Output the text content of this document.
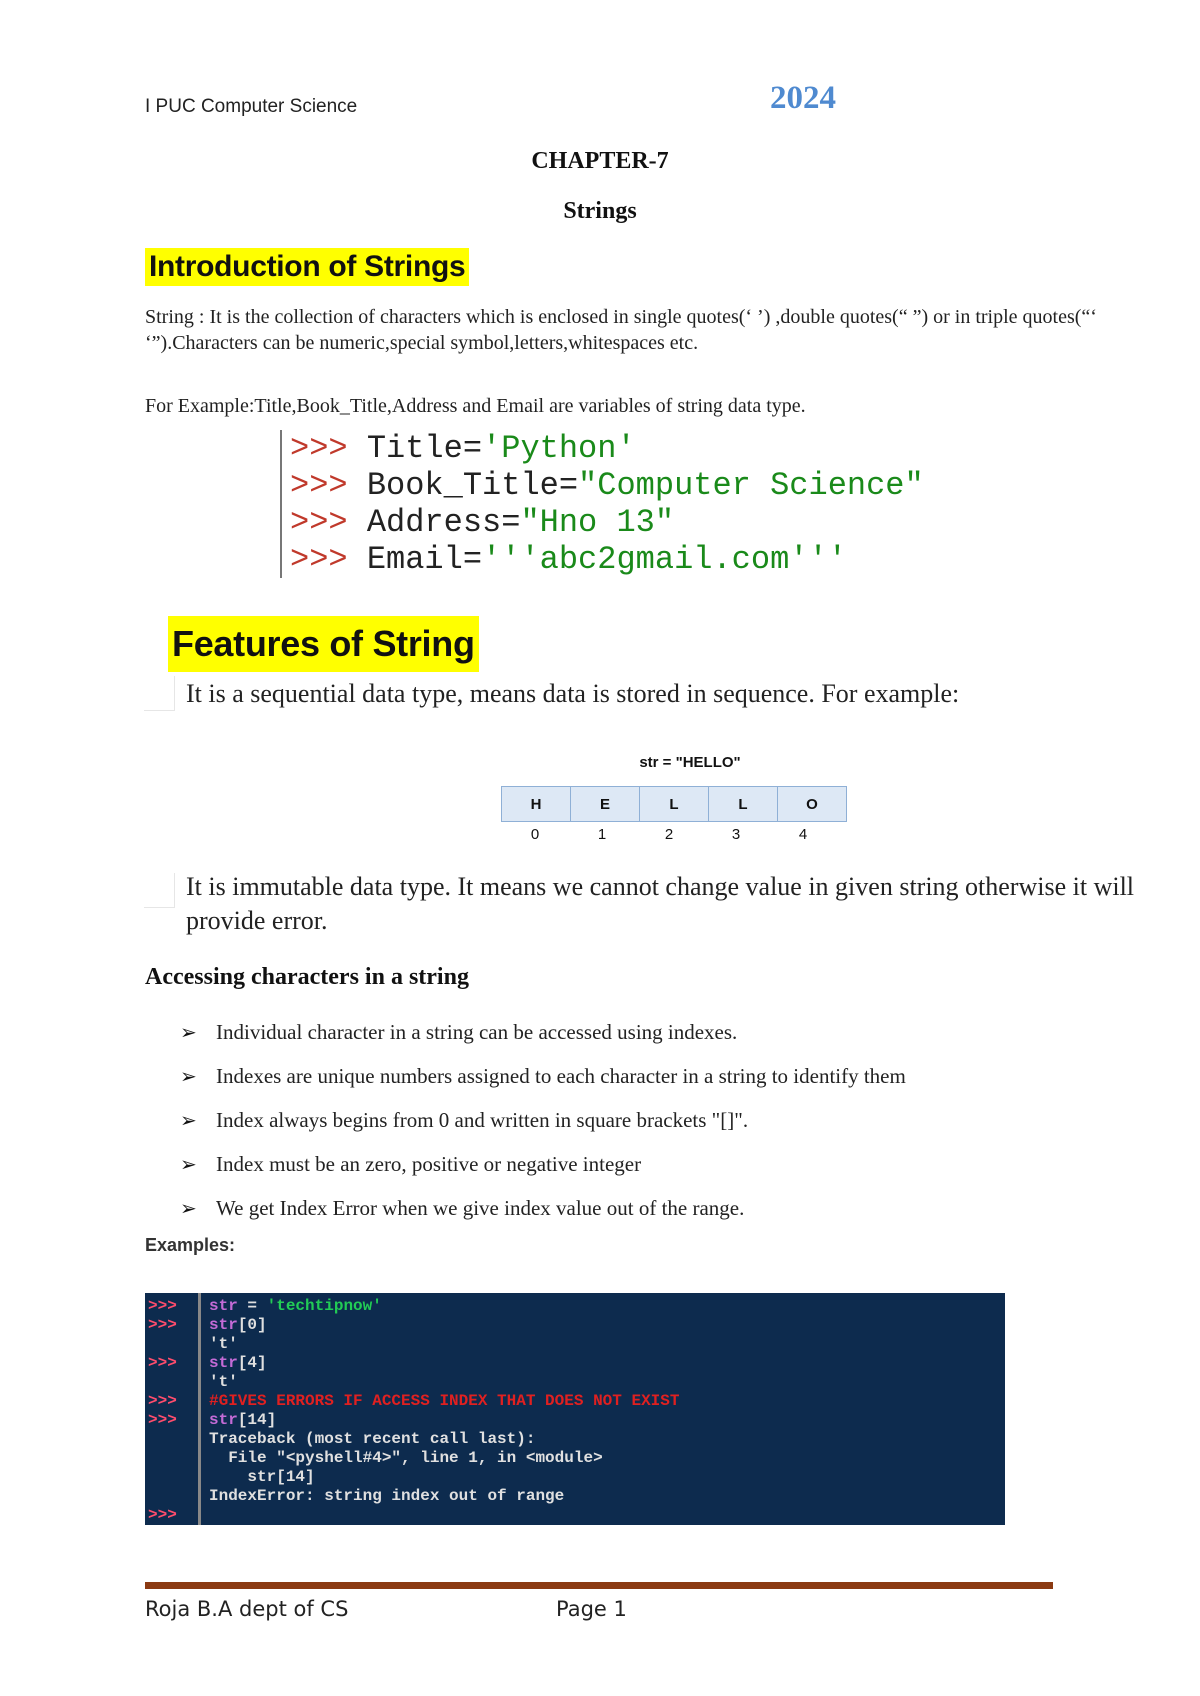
I PUC Computer Science	2024
CHAPTER-7
Strings
Introduction of Strings
String : It is the collection of characters which is enclosed in single quotes(‘ ’) ,double quotes(“ ”) or in triple quotes(“‘ ‘”).Characters can be numeric,special symbol,letters,whitespaces etc.
For Example:Title,Book_Title,Address and Email are variables of string data type.
>>> Title='Python'
>>> Book_Title="Computer Science"
>>> Address="Hno 13"
>>> Email='''abc2gmail.com'''
Features of String
It is a sequential data type, means data is stored in sequence. For example:
str = "HELLO"
H	E	L	L	O
0	1	2	3	4
It is immutable data type. It means we cannot change value in given string otherwise it will provide error.
Accessing characters in a string
➢ Individual character in a string can be accessed using indexes.
➢ Indexes are unique numbers assigned to each character in a string to identify them
➢ Index always begins from 0 and written in square brackets "[]".
➢ Index must be an zero, positive or negative integer
➢ We get Index Error when we give index value out of the range.
Examples:
>>>
>>>
>>>
>>>
>>>
>>>
str = 'techtipnow'
str[0]
't'
str[4]
't'
#GIVES ERRORS IF ACCESS INDEX THAT DOES NOT EXIST
str[14]
Traceback (most recent call last):
File "<pyshell#4>", line 1, in <module>
str[14]
IndexError: string index out of range
Roja B.A dept of CS	Page 1
